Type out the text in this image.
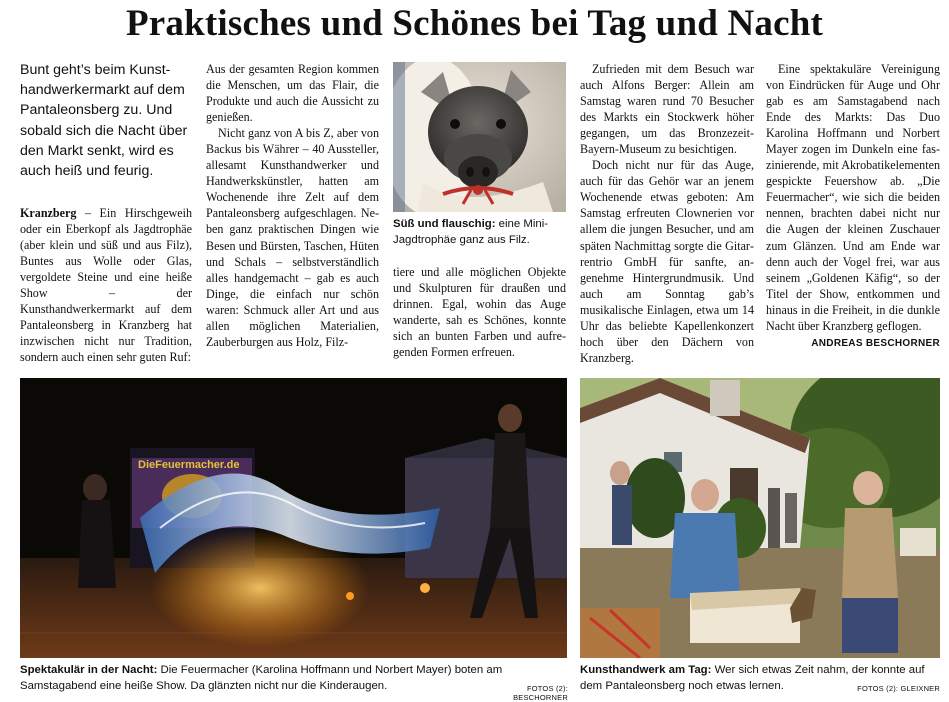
Praktisches und Schönes bei Tag und Nacht
Bunt geht’s beim Kunsthandwerkermarkt auf dem Pantaleonsberg zu. Und sobald sich die Nacht über den Markt senkt, wird es auch heiß und feurig.

Kranzberg – Ein Hirschgeweih oder ein Eberkopf als Jagdtrophäe (aber klein und süß und aus Filz), Buntes aus Wolle oder Glas, vergoldete Steine und eine heiße Show – der Kunsthandwerkermarkt auf dem Pantaleonsberg in Kranzberg hat inzwischen nicht nur Tradition, sondern auch einen sehr guten Ruf:

Aus der gesamten Region kommen die Menschen, um das Flair, die Produkte und auch die Aussicht zu genießen.

Nicht ganz von A bis Z, aber von Backus bis Währer – 40 Aussteller, allesamt Kunsthandwerker und Handwerkskünstler, hatten am Wochenende ihre Zelt auf dem Pantaleonsberg aufgeschlagen. Neben ganz praktischen Dingen wie Besen und Bürsten, Taschen, Hüten und Schals – selbstverständlich alles handgemacht – gab es auch Dinge, die einfach nur schön waren: Schmuck aller Art und aus allen möglichen Materialien, Zauberburgen aus Holz, Filz-

Süß und flauschig: eine Mini-Jagdtrophäe ganz aus Filz.

tiere und alle möglichen Objekte und Skulpturen für draußen und drinnen. Egal, wohin das Auge wanderte, sah es Schönes, konnte sich an bunten Farben und aufregenden Formen erfreuen.

Zufrieden mit dem Besuch war auch Alfons Berger: Allein am Samstag waren rund 70 Besucher des Markts ein Stockwerk höher gegangen, um das Bronzezeit-Bayern-Museum zu besichtigen.

Doch nicht nur für das Auge, auch für das Gehör war an jenem Wochenende etwas geboten: Am Samstag erfreuten Clownerien vor allem die jungen Besucher, und am späten Nachmittag sorgte die Gitarrentrio GmbH für sanfte, angenehme Hintergrundmusik. Und auch am Sonntag gab’s musikalische Einlagen, etwa um 14 Uhr das beliebte Kapellenkonzert hoch über den Dächern von Kranzberg.

Eine spektakuläre Vereinigung von Eindrücken für Auge und Ohr gab es am Samstagabend nach Ende des Markts: Das Duo Karolina Hoffmann und Norbert Mayer zogen im Dunkeln eine faszinierende, mit Akrobatikelementen gespickte Feuershow ab. „Die Feuermacher“, wie sich die beiden nennen, brachten dabei nicht nur die Augen der kleinen Zuschauer zum Glänzen. Und am Ende war denn auch der Vogel frei, war aus seinem „Goldenen Käfig“, so der Titel der Show, entkommen und hinaus in die Freiheit, in die dunkle Nacht über Kranzberg geflogen.

ANDREAS BESCHORNER
DieFeuermacher.de
Spektakulär in der Nacht: Die Feuermacher (Karolina Hoffmann und Norbert Mayer) boten am Samstagabend eine heiße Show. Da glänzten nicht nur die Kinderaugen.	FOTOS (2): BESCHORNER
Kunsthandwerk am Tag: Wer sich etwas Zeit nahm, der konnte auf dem Pantaleonsberg noch etwas lernen.	FOTOS (2): GLEIXNER
